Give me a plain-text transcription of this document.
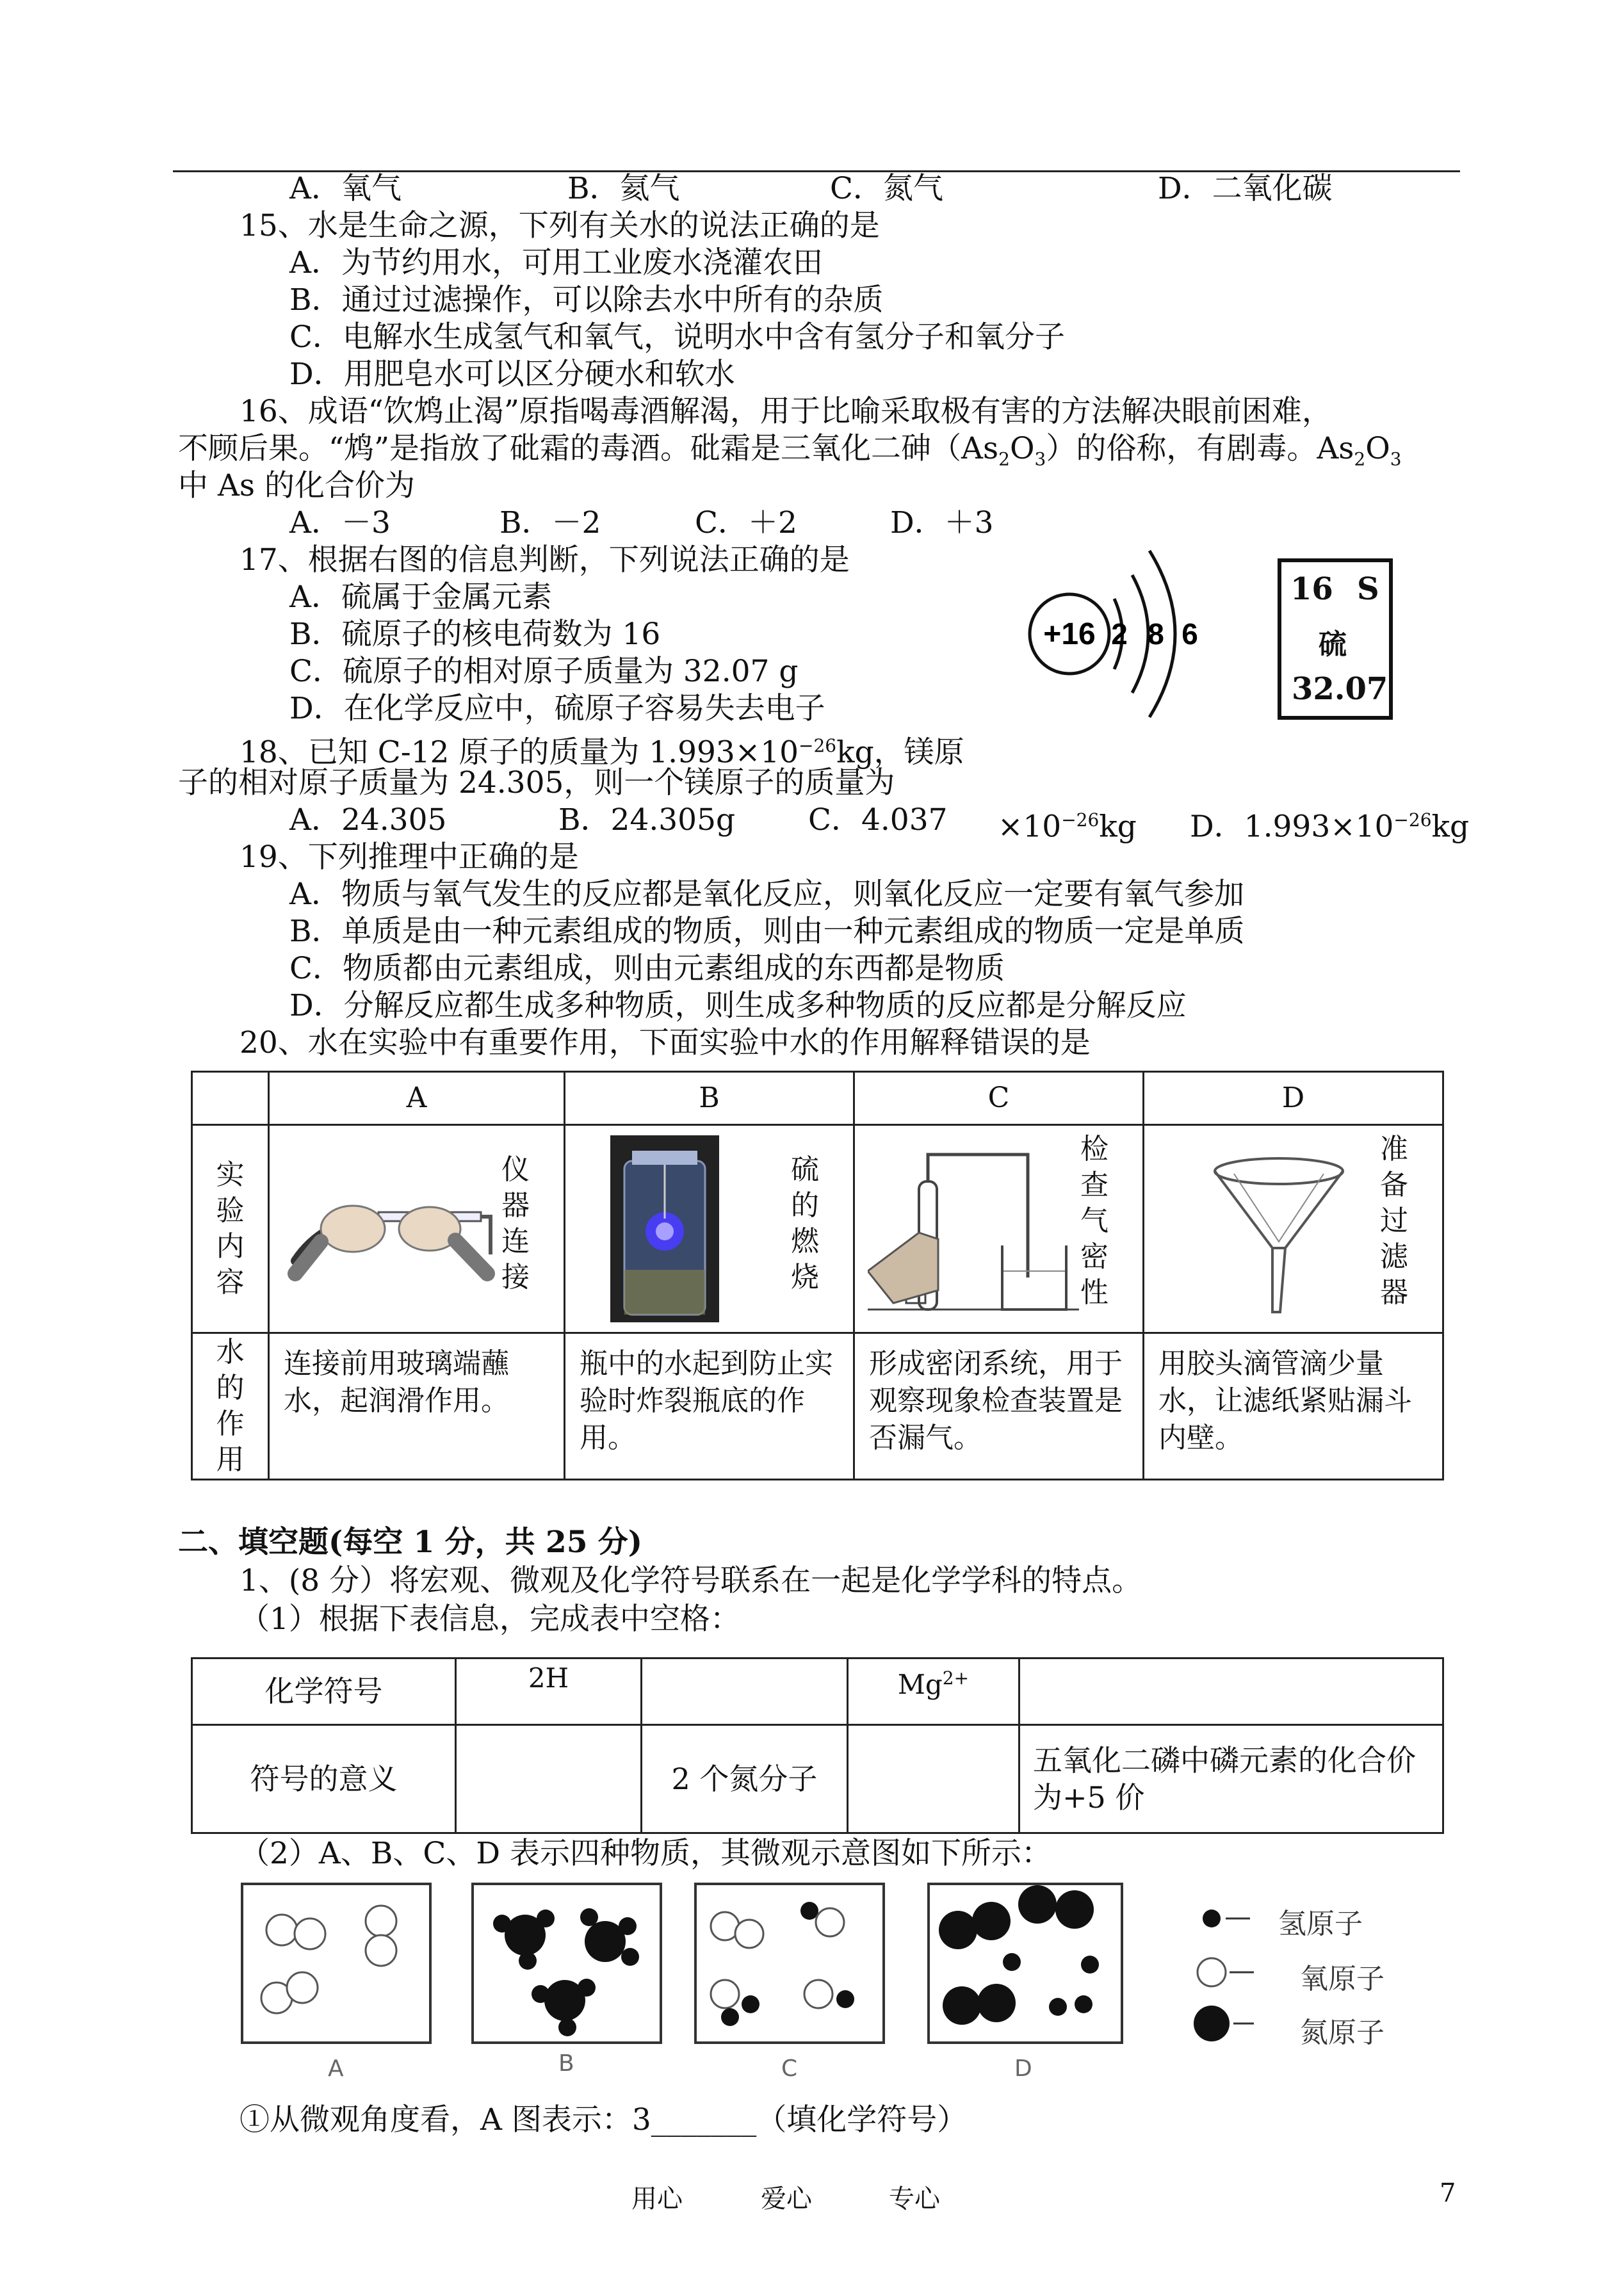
A．氧气	B．氦气	C．氮气	D．二氧化碳
15、水是生命之源，下列有关水的说法正确的是
A．为节约用水，可用工业废水浇灌农田
B．通过过滤操作，可以除去水中所有的杂质
C．电解水生成氢气和氧气，说明水中含有氢分子和氧分子
D．用肥皂水可以区分硬水和软水
16、成语“饮鸩止渴”原指喝毒酒解渴，用于比喻采取极有害的方法解决眼前困难，
不顾后果。“鸩”是指放了砒霜的毒酒。砒霜是三氧化二砷$(As_2O_3)$的俗称，有剧毒。$As_2O_3$
中 As 的化合价为
A．－3	B．－2	C．＋2	D．＋3
17、根据右图的信息判断，下列说法正确的是
A．硫属于金属元素
B．硫原子的核电荷数为 16
C．硫原子的相对原子质量为 32.07 g
D．在化学反应中，硫原子容易失去电子
+16 2 8 6
16 S
硫
32.07
18、已知 C-12 原子的质量为 $1.993\times 10^{-26}kg$，镁原
子的相对原子质量为 24.305，则一个镁原子的质量为
A．24.305	B．24.305g C．$4.037 \times 10^{-26}kg$ D．$1.993\times 10^{-26}kg$
19、下列推理中正确的是
A．物质与氧气发生的反应都是氧化反应，则氧化反应一定要有氧气参加
B．单质是由一种元素组成的物质，则由一种元素组成的物质一定是单质
C．物质都由元素组成，则由元素组成的东西都是物质
D．分解反应都生成多种物质，则生成多种物质的反应都是分解反应
20、水在实验中有重要作用，下面实验中水的作用解释错误的是
	A	B	C	D

实
验
内
容	仪
器
连
接	硫
的
燃
烧	检
查
气
密
性	准
备
过
滤
器

水
的
作
用	连接前用玻璃端蘸水，起润滑作用。	瓶中的水起到防止实验时炸裂瓶底的作用。	形成密闭系统，用于观察现象检查装置是否漏气。	用胶头滴管滴少量水，让滤纸紧贴漏斗内壁。
二、填空题(每空 1 分，共 25 分)
1、(8 分）将宏观、微观及化学符号联系在一起是化学学科的特点。
（1）根据下表信息，完成表中空格：
化学符号	2H		$Mg^{2+}$	
符号的意义		2 个氮分子		五氧化二磷中磷元素的化合价为+5 价
（2）A、B、C、D 表示四种物质，其微观示意图如下所示：
A	B	C	D
氢原子
氧原子
氮原子
①从微观角度看，A 图表示：3_______（填化学符号）
用心	爱心	专心	7
